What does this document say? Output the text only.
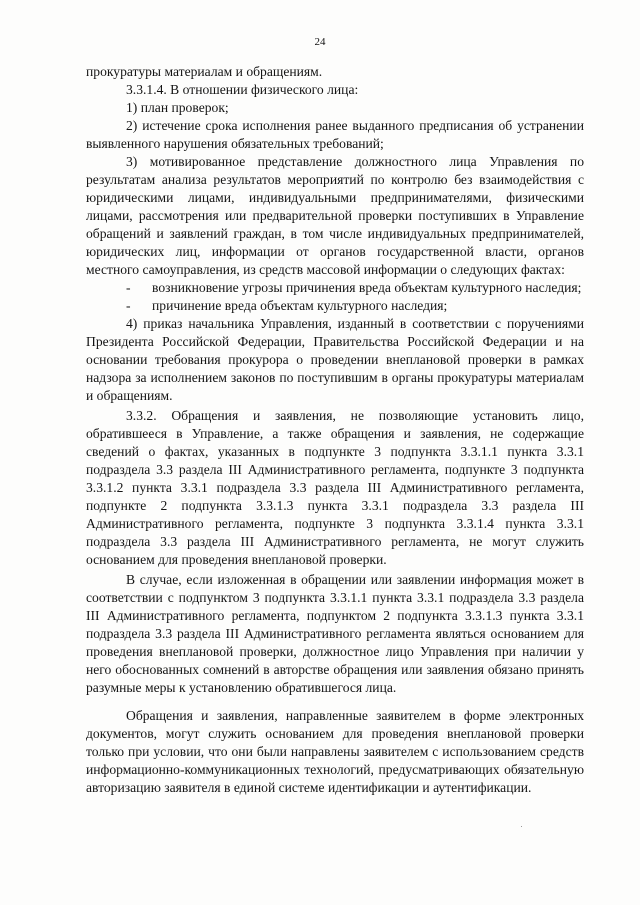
24

прокуратуры материалам и обращениям.

3.3.1.4. В отношении физического лица:

1) план проверок;

2) истечение срока исполнения ранее выданного предписания об устранении выявленного нарушения обязательных требований;

3) мотивированное представление должностного лица Управления по результатам анализа результатов мероприятий по контролю без взаимодействия с юридическими лицами, индивидуальными предпринимателями, физическими лицами, рассмотрения или предварительной проверки поступивших в Управление обращений и заявлений граждан, в том числе индивидуальных предпринимателей, юридических лиц, информации от органов государственной власти, органов местного самоуправления, из средств массовой информации о следующих фактах:

-	возникновение угрозы причинения вреда объектам культурного наследия;

-	причинение вреда объектам культурного наследия;

4) приказ начальника Управления, изданный в соответствии с поручениями Президента Российской Федерации, Правительства Российской Федерации и на основании требования прокурора о проведении внеплановой проверки в рамках надзора за исполнением законов по поступившим в органы прокуратуры материалам и обращениям.

3.3.2. Обращения и заявления, не позволяющие установить лицо, обратившееся в Управление, а также обращения и заявления, не содержащие сведений о фактах, указанных в подпункте 3 подпункта 3.3.1.1 пункта 3.3.1 подраздела 3.3 раздела III Административного регламента, подпункте 3 подпункта 3.3.1.2 пункта 3.3.1 подраздела 3.3 раздела III Административного регламента, подпункте 2 подпункта 3.3.1.3 пункта 3.3.1 подраздела 3.3 раздела III Административного регламента, подпункте 3 подпункта 3.3.1.4 пункта 3.3.1 подраздела 3.3 раздела III Административного регламента, не могут служить основанием для проведения внеплановой проверки.

В случае, если изложенная в обращении или заявлении информация может в соответствии с подпунктом 3 подпункта 3.3.1.1 пункта 3.3.1 подраздела 3.3 раздела III Административного регламента, подпунктом 2 подпункта 3.3.1.3 пункта 3.3.1 подраздела 3.3 раздела III Административного регламента являться основанием для проведения внеплановой проверки, должностное лицо Управления при наличии у него обоснованных сомнений в авторстве обращения или заявления обязано принять разумные меры к установлению обратившегося лица.

Обращения и заявления, направленные заявителем в форме электронных документов, могут служить основанием для проведения внеплановой проверки только при условии, что они были направлены заявителем с использованием средств информационно-коммуникационных технологий, предусматривающих обязательную авторизацию заявителя в единой системе идентификации и аутентификации.
